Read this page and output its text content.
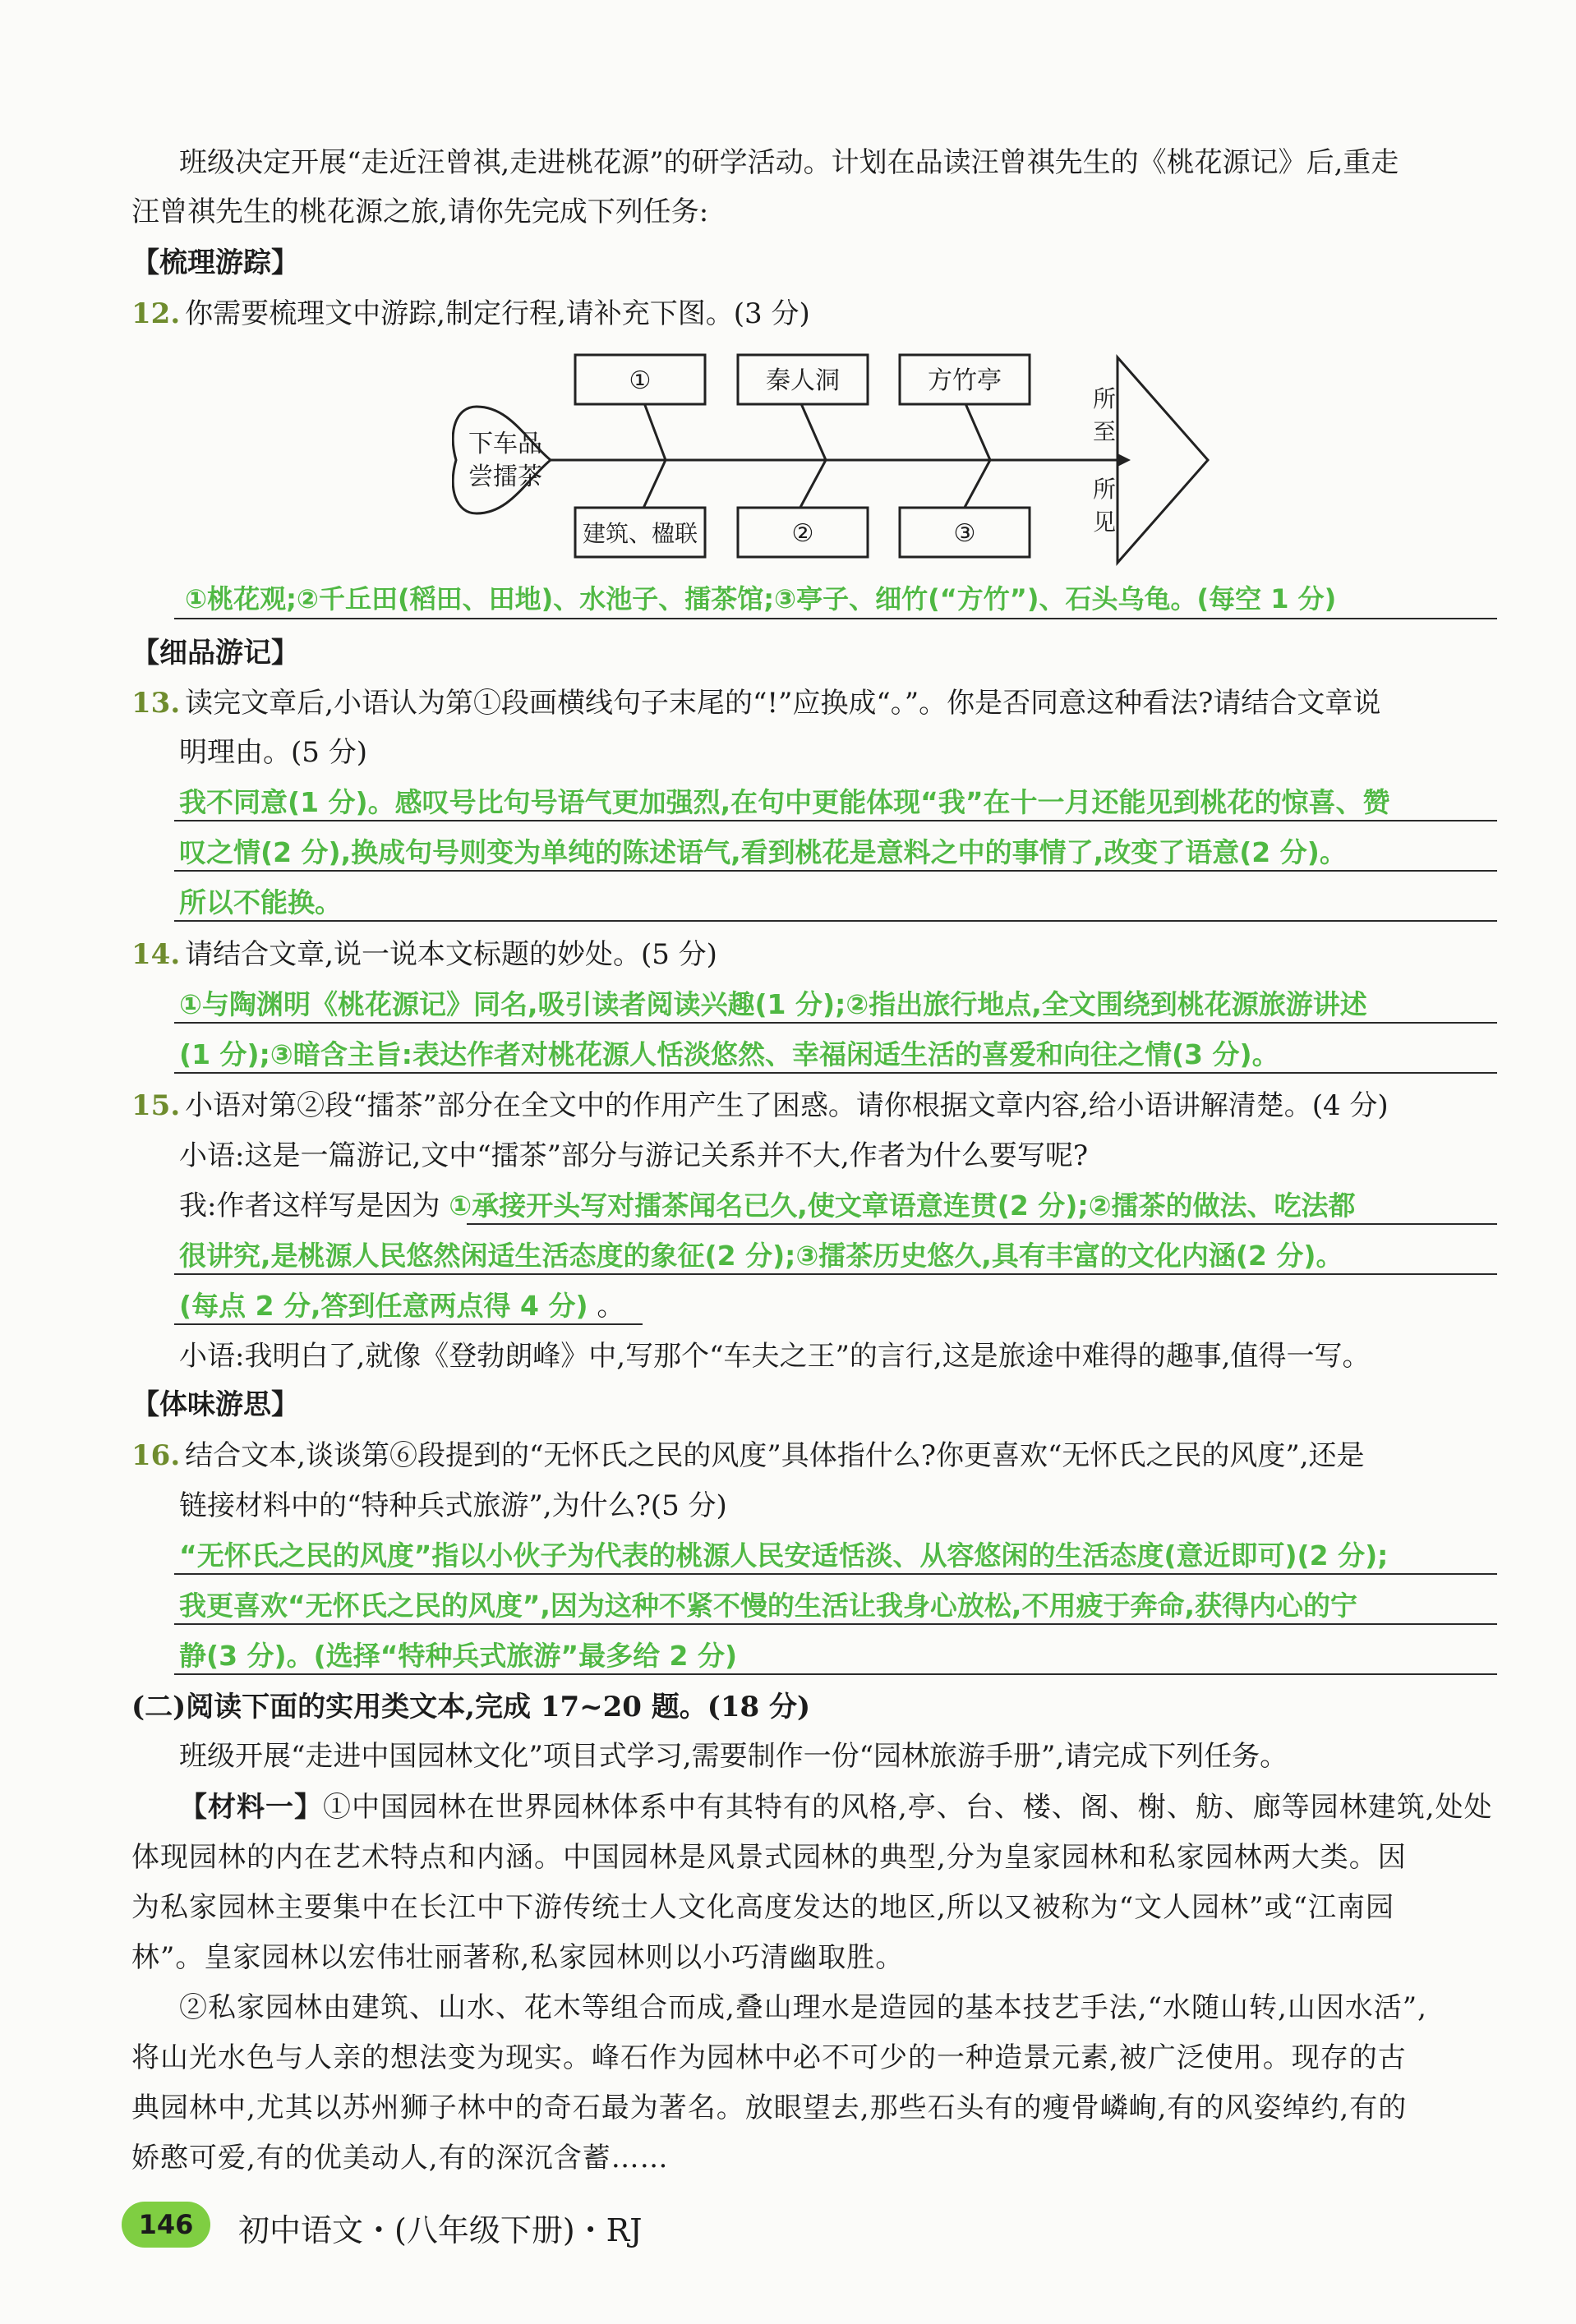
班级决定开展“走近汪曾祺,走进桃花源”的研学活动。计划在品读汪曾祺先生的《桃花源记》后,重走
汪曾祺先生的桃花源之旅,请你先完成下列任务:
【梳理游踪】
12. 你需要梳理文中游踪,制定行程,请补充下图。(3 分)
下车品
尝擂茶
所
至
所
见
①	秦人洞	方竹亭
建筑、楹联	②	③
①桃花观;②千丘田(稻田、田地)、水池子、擂茶馆;③亭子、细竹(“方竹”)、石头乌龟。(每空 1 分)
【细品游记】
13. 读完文章后,小语认为第①段画横线句子末尾的“!”应换成“。”。你是否同意这种看法?请结合文章说
明理由。(5 分)
我不同意(1 分)。感叹号比句号语气更加强烈,在句中更能体现“我”在十一月还能见到桃花的惊喜、赞
叹之情(2 分),换成句号则变为单纯的陈述语气,看到桃花是意料之中的事情了,改变了语意(2 分)。
所以不能换。
14. 请结合文章,说一说本文标题的妙处。(5 分)
①与陶渊明《桃花源记》同名,吸引读者阅读兴趣(1 分);②指出旅行地点,全文围绕到桃花源旅游讲述
(1 分);③暗含主旨:表达作者对桃花源人恬淡悠然、幸福闲适生活的喜爱和向往之情(3 分)。
15. 小语对第②段“擂茶”部分在全文中的作用产生了困惑。请你根据文章内容,给小语讲解清楚。(4 分)
小语:这是一篇游记,文中“擂茶”部分与游记关系并不大,作者为什么要写呢?
我:作者这样写是因为 ①承接开头写对擂茶闻名已久,使文章语意连贯(2 分);②擂茶的做法、吃法都
很讲究,是桃源人民悠然闲适生活态度的象征(2 分);③擂茶历史悠久,具有丰富的文化内涵(2 分)。
(每点 2 分,答到任意两点得 4 分) 。
小语:我明白了,就像《登勃朗峰》中,写那个“车夫之王”的言行,这是旅途中难得的趣事,值得一写。
【体味游思】
16. 结合文本,谈谈第⑥段提到的“无怀氏之民的风度”具体指什么?你更喜欢“无怀氏之民的风度”,还是
链接材料中的“特种兵式旅游”,为什么?(5 分)
“无怀氏之民的风度”指以小伙子为代表的桃源人民安适恬淡、从容悠闲的生活态度(意近即可)(2 分);
我更喜欢“无怀氏之民的风度”,因为这种不紧不慢的生活让我身心放松,不用疲于奔命,获得内心的宁
静(3 分)。(选择“特种兵式旅游”最多给 2 分)
(二)阅读下面的实用类文本,完成 17~20 题。(18 分)
班级开展“走进中国园林文化”项目式学习,需要制作一份“园林旅游手册”,请完成下列任务。
【材料一】①中国园林在世界园林体系中有其特有的风格,亭、台、楼、阁、榭、舫、廊等园林建筑,处处
体现园林的内在艺术特点和内涵。中国园林是风景式园林的典型,分为皇家园林和私家园林两大类。因
为私家园林主要集中在长江中下游传统士人文化高度发达的地区,所以又被称为“文人园林”或“江南园
林”。皇家园林以宏伟壮丽著称,私家园林则以小巧清幽取胜。
②私家园林由建筑、山水、花木等组合而成,叠山理水是造园的基本技艺手法,“水随山转,山因水活”,
将山光水色与人亲的想法变为现实。峰石作为园林中必不可少的一种造景元素,被广泛使用。现存的古
典园林中,尤其以苏州狮子林中的奇石最为著名。放眼望去,那些石头有的瘦骨嶙峋,有的风姿绰约,有的
娇憨可爱,有的优美动人,有的深沉含蓄……
146	初中语文・(八年级下册)・RJ
